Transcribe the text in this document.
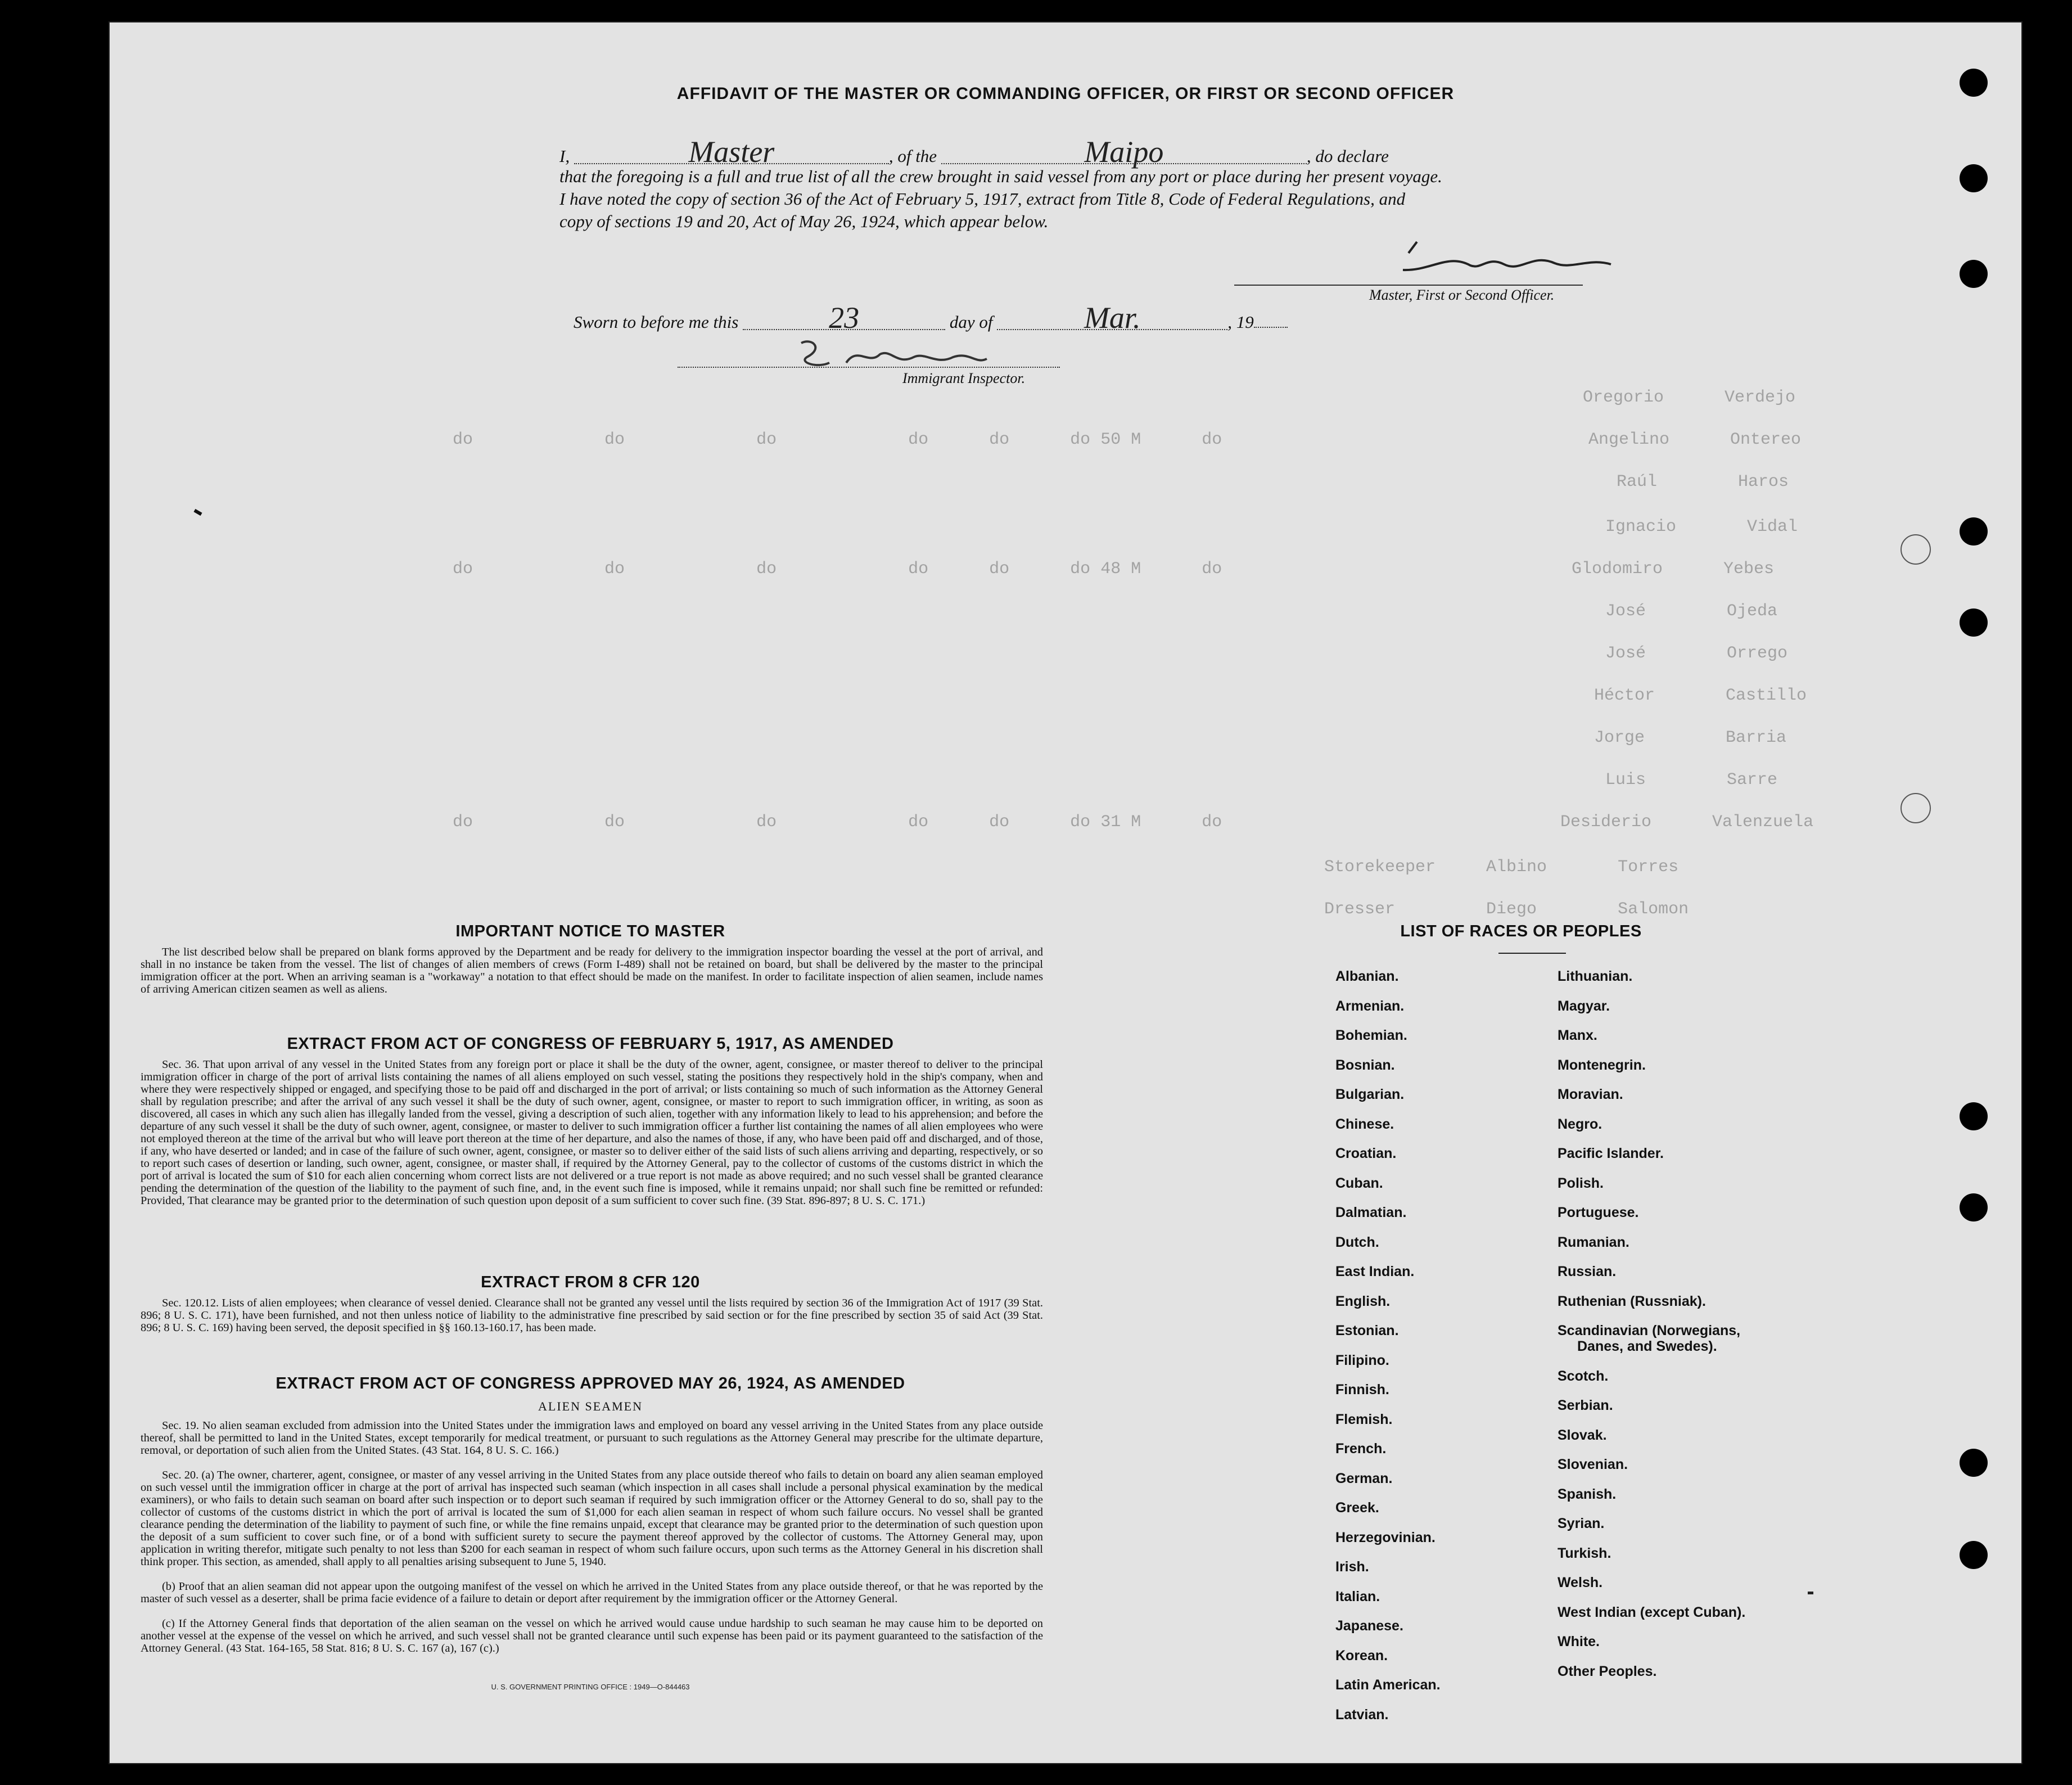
Oregorio      Verdejo
Angelino      Ontereo
Raúl        Haros
Ignacio       Vidal
Glodomiro      Yebes
José        Ojeda
José        Orrego
Héctor       Castillo
Jorge        Barria
Luis        Sarre
Desiderio      Valenzuela
Storekeeper     Albino       Torres
Dresser         Diego        Salomon
do             do             do             do      do      do 50 M      do
do             do             do             do      do      do 48 M      do
do             do             do             do      do      do 31 M      do
AFFIDAVIT OF THE MASTER OR COMMANDING OFFICER, OR FIRST OR SECOND OFFICER
I,	Master	, of the	Maipo	, do declare
that the foregoing is a full and true list of all the crew brought in said vessel from any port or place during her present voyage.
I have noted the copy of section 36 of the Act of February 5, 1917, extract from Title 8, Code of Federal Regulations, and
copy of sections 19 and 20, Act of May 26, 1924, which appear below.
Master, First or Second Officer.
Sworn to before me this	23	day of	Mar.	, 19
Immigrant Inspector.
IMPORTANT NOTICE TO MASTER
The list described below shall be prepared on blank forms approved by the Department and be ready for delivery to the immigration inspector boarding the vessel at the port of arrival, and shall in no instance be taken from the vessel. The list of changes of alien members of crews (Form I-489) shall not be retained on board, but shall be delivered by the master to the principal immigration officer at the port. When an arriving seaman is a "workaway" a notation to that effect should be made on the manifest. In order to facilitate inspection of alien seamen, include names of arriving American citizen seamen as well as aliens.
EXTRACT FROM ACT OF CONGRESS OF FEBRUARY 5, 1917, AS AMENDED
Sec. 36. That upon arrival of any vessel in the United States from any foreign port or place it shall be the duty of the owner, agent, consignee, or master thereof to deliver to the principal immigration officer in charge of the port of arrival lists containing the names of all aliens employed on such vessel, stating the positions they respectively hold in the ship's company, when and where they were respectively shipped or engaged, and specifying those to be paid off and discharged in the port of arrival; or lists containing so much of such information as the Attorney General shall by regulation prescribe; and after the arrival of any such vessel it shall be the duty of such owner, agent, consignee, or master to report to such immigration officer, in writing, as soon as discovered, all cases in which any such alien has illegally landed from the vessel, giving a description of such alien, together with any information likely to lead to his apprehension; and before the departure of any such vessel it shall be the duty of such owner, agent, consignee, or master to deliver to such immigration officer a further list containing the names of all alien employees who were not employed thereon at the time of the arrival but who will leave port thereon at the time of her departure, and also the names of those, if any, who have been paid off and discharged, and of those, if any, who have deserted or landed; and in case of the failure of such owner, agent, consignee, or master so to deliver either of the said lists of such aliens arriving and departing, respectively, or so to report such cases of desertion or landing, such owner, agent, consignee, or master shall, if required by the Attorney General, pay to the collector of customs of the customs district in which the port of arrival is located the sum of $10 for each alien concerning whom correct lists are not delivered or a true report is not made as above required; and no such vessel shall be granted clearance pending the determination of the question of the liability to the payment of such fine, and, in the event such fine is imposed, while it remains unpaid; nor shall such fine be remitted or refunded: Provided, That clearance may be granted prior to the determination of such question upon deposit of a sum sufficient to cover such fine. (39 Stat. 896-897; 8 U. S. C. 171.)
EXTRACT FROM 8 CFR 120
Sec. 120.12. Lists of alien employees; when clearance of vessel denied. Clearance shall not be granted any vessel until the lists required by section 36 of the Immigration Act of 1917 (39 Stat. 896; 8 U. S. C. 171), have been furnished, and not then unless notice of liability to the administrative fine prescribed by said section or for the fine prescribed by section 35 of said Act (39 Stat. 896; 8 U. S. C. 169) having been served, the deposit specified in §§ 160.13-160.17, has been made.
EXTRACT FROM ACT OF CONGRESS APPROVED MAY 26, 1924, AS AMENDED
ALIEN SEAMEN
Sec. 19. No alien seaman excluded from admission into the United States under the immigration laws and employed on board any vessel arriving in the United States from any place outside thereof, shall be permitted to land in the United States, except temporarily for medical treatment, or pursuant to such regulations as the Attorney General may prescribe for the ultimate departure, removal, or deportation of such alien from the United States. (43 Stat. 164, 8 U. S. C. 166.)
Sec. 20. (a) The owner, charterer, agent, consignee, or master of any vessel arriving in the United States from any place outside thereof who fails to detain on board any alien seaman employed on such vessel until the immigration officer in charge at the port of arrival has inspected such seaman (which inspection in all cases shall include a personal physical examination by the medical examiners), or who fails to detain such seaman on board after such inspection or to deport such seaman if required by such immigration officer or the Attorney General to do so, shall pay to the collector of customs of the customs district in which the port of arrival is located the sum of $1,000 for each alien seaman in respect of whom such failure occurs. No vessel shall be granted clearance pending the determination of the liability to payment of such fine, or while the fine remains unpaid, except that clearance may be granted prior to the determination of such question upon the deposit of a sum sufficient to cover such fine, or of a bond with sufficient surety to secure the payment thereof approved by the collector of customs. The Attorney General may, upon application in writing therefor, mitigate such penalty to not less than $200 for each seaman in respect of whom such failure occurs, upon such terms as the Attorney General in his discretion shall think proper. This section, as amended, shall apply to all penalties arising subsequent to June 5, 1940.
(b) Proof that an alien seaman did not appear upon the outgoing manifest of the vessel on which he arrived in the United States from any place outside thereof, or that he was reported by the master of such vessel as a deserter, shall be prima facie evidence of a failure to detain or deport after requirement by the immigration officer or the Attorney General.
(c) If the Attorney General finds that deportation of the alien seaman on the vessel on which he arrived would cause undue hardship to such seaman he may cause him to be deported on another vessel at the expense of the vessel on which he arrived, and such vessel shall not be granted clearance until such expense has been paid or its payment guaranteed to the satisfaction of the Attorney General. (43 Stat. 164-165, 58 Stat. 816; 8 U. S. C. 167 (a), 167 (c).)
U. S. GOVERNMENT PRINTING OFFICE : 1949—O-844463
LIST OF RACES OR PEOPLES
Albanian.
Armenian.
Bohemian.
Bosnian.
Bulgarian.
Chinese.
Croatian.
Cuban.
Dalmatian.
Dutch.
East Indian.
English.
Estonian.
Filipino.
Finnish.
Flemish.
French.
German.
Greek.
Herzegovinian.
Irish.
Italian.
Japanese.
Korean.
Latin American.
Latvian.
Lithuanian.
Magyar.
Manx.
Montenegrin.
Moravian.
Negro.
Pacific Islander.
Polish.
Portuguese.
Rumanian.
Russian.
Ruthenian (Russniak).
Scandinavian (Norwegians,
Danes, and Swedes).
Scotch.
Serbian.
Slovak.
Slovenian.
Spanish.
Syrian.
Turkish.
Welsh.
West Indian (except Cuban).
White.
Other Peoples.
